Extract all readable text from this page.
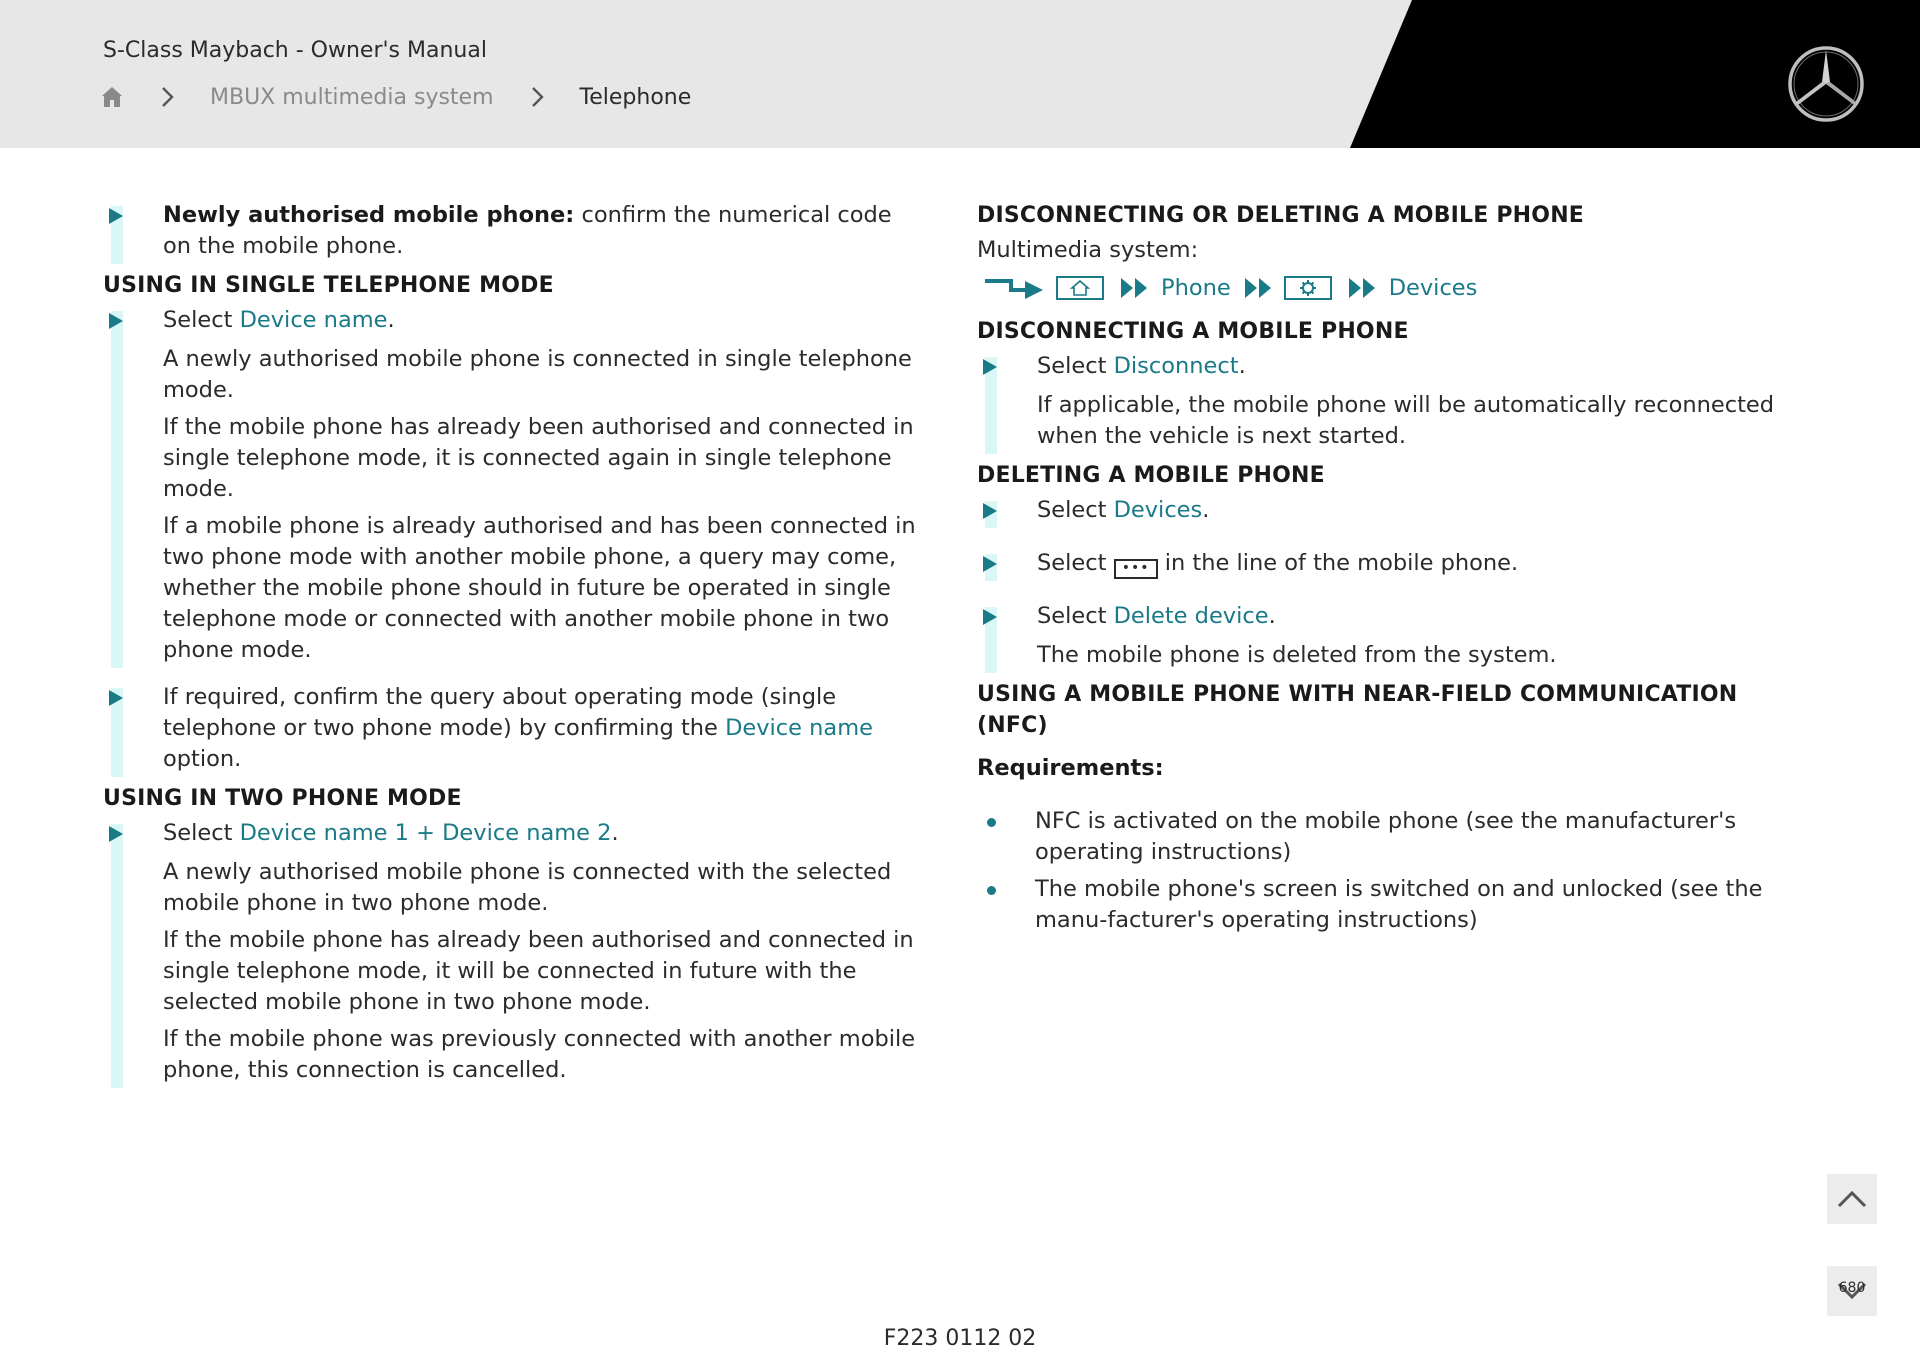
S-Class Maybach - Owner's Manual
MBUX multimedia system	Telephone

Newly authorised mobile phone: confirm the numerical code on the mobile phone.

USING IN SINGLE TELEPHONE MODE

Select Device name.

A newly authorised mobile phone is connected in single telephone mode.

If the mobile phone has already been authorised and connected in single telephone mode, it is connected again in single telephone mode.

If a mobile phone is already authorised and has been connected in two phone mode with another mobile phone, a query may come, whether the mobile phone should in future be operated in single telephone mode or connected with another mobile phone in two phone mode.

If required, confirm the query about operating mode (single telephone or two phone mode) by confirming the Device name option.

USING IN TWO PHONE MODE

Select Device name 1 + Device name 2.

A newly authorised mobile phone is connected with the selected mobile phone in two phone mode.

If the mobile phone has already been authorised and connected in single telephone mode, it will be connected in future with the selected mobile phone in two phone mode.

If the mobile phone was previously connected with another mobile phone, this connection is cancelled.

DISCONNECTING OR DELETING A MOBILE PHONE

Multimedia system:

Phone	Devices
DISCONNECTING A MOBILE PHONE

Select Disconnect.

If applicable, the mobile phone will be automatically reconnected when the vehicle is next started.

DELETING A MOBILE PHONE

Select Devices.

Select ••• in the line of the mobile phone.

Select Delete device.

The mobile phone is deleted from the system.

USING A MOBILE PHONE WITH NEAR-FIELD COMMUNICATION (NFC)

Requirements:

NFC is activated on the mobile phone (see the manufacturer's operating instructions)
The mobile phone's screen is switched on and unlocked (see the manu-facturer's operating instructions)
680
F223 0112 02
